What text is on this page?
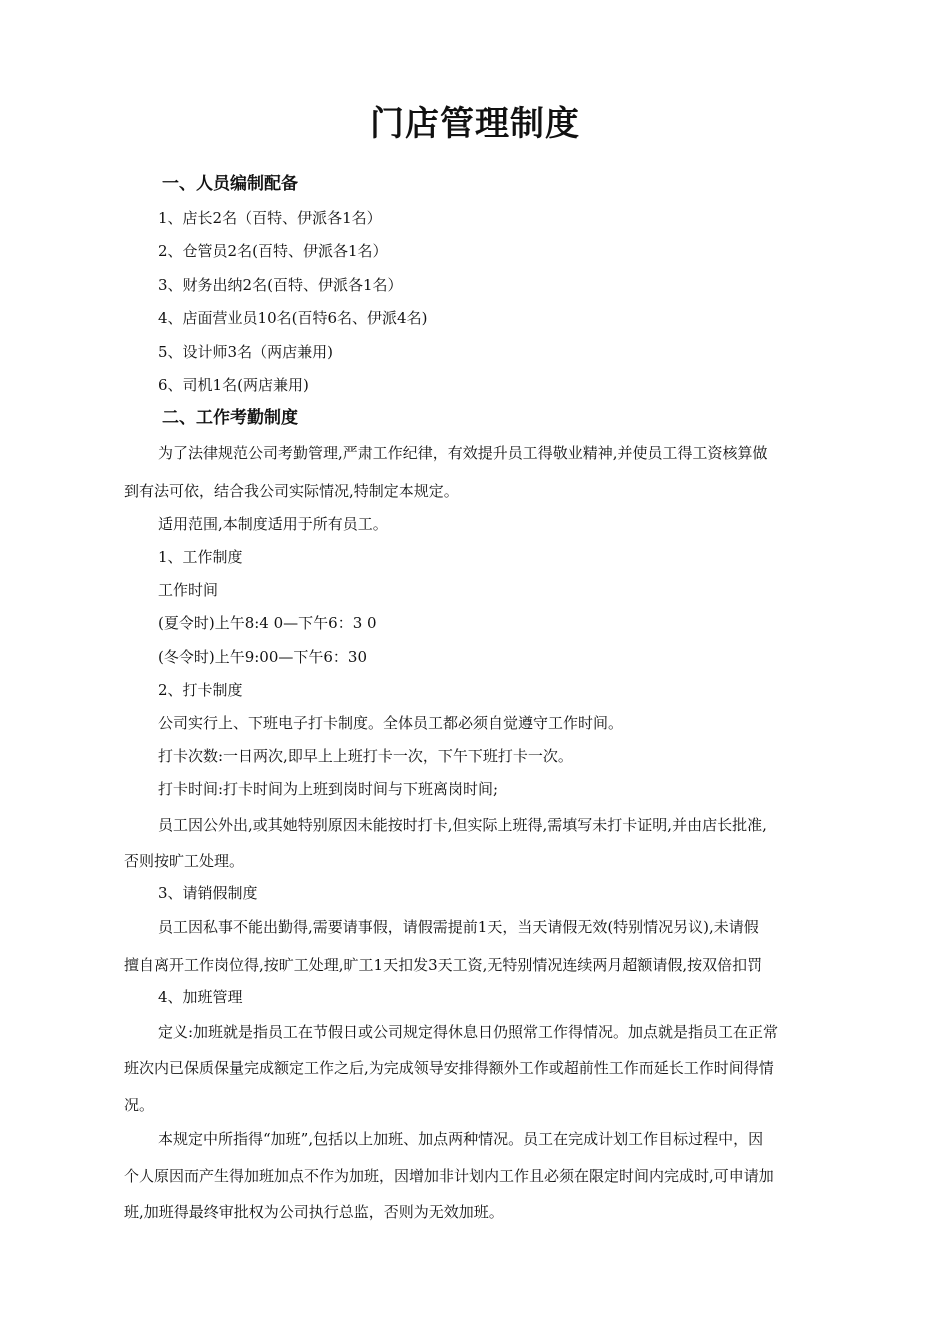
门店管理制度
一、人员编制配备
1、店长2名（百特、伊派各1名）
2、仓管员2名(百特、伊派各1名）
3、财务出纳2名(百特、伊派各1名）
4、店面营业员10名(百特6名、伊派4名)
5、设计师3名（两店兼用)
6、司机1名(两店兼用)
二、工作考勤制度
为了法律规范公司考勤管理,严肃工作纪律，有效提升员工得敬业精神,并使员工得工资核算做
到有法可依，结合我公司实际情况,特制定本规定。
适用范围,本制度适用于所有员工。
1、工作制度
工作时间
(夏令时)上午8:4 0—下午6：3 0
(冬令时)上午9:00—下午6：30
2、打卡制度
公司实行上、下班电子打卡制度。全体员工都必须自觉遵守工作时间。
打卡次数:一日两次,即早上上班打卡一次，下午下班打卡一次。
打卡时间:打卡时间为上班到岗时间与下班离岗时间;
员工因公外出,或其她特别原因未能按时打卡,但实际上班得,需填写未打卡证明,并由店长批准,
否则按旷工处理。
3、请销假制度
员工因私事不能出勤得,需要请事假，请假需提前1天，当天请假无效(特别情况另议),未请假
擅自离开工作岗位得,按旷工处理,旷工1天扣发3天工资,无特别情况连续两月超额请假,按双倍扣罚
4、加班管理
定义:加班就是指员工在节假日或公司规定得休息日仍照常工作得情况。加点就是指员工在正常
班次内已保质保量完成额定工作之后,为完成领导安排得额外工作或超前性工作而延长工作时间得情
况。
本规定中所指得“加班”,包括以上加班、加点两种情况。员工在完成计划工作目标过程中，因
个人原因而产生得加班加点不作为加班，因增加非计划内工作且必须在限定时间内完成时,可申请加
班,加班得最终审批权为公司执行总监，否则为无效加班。
